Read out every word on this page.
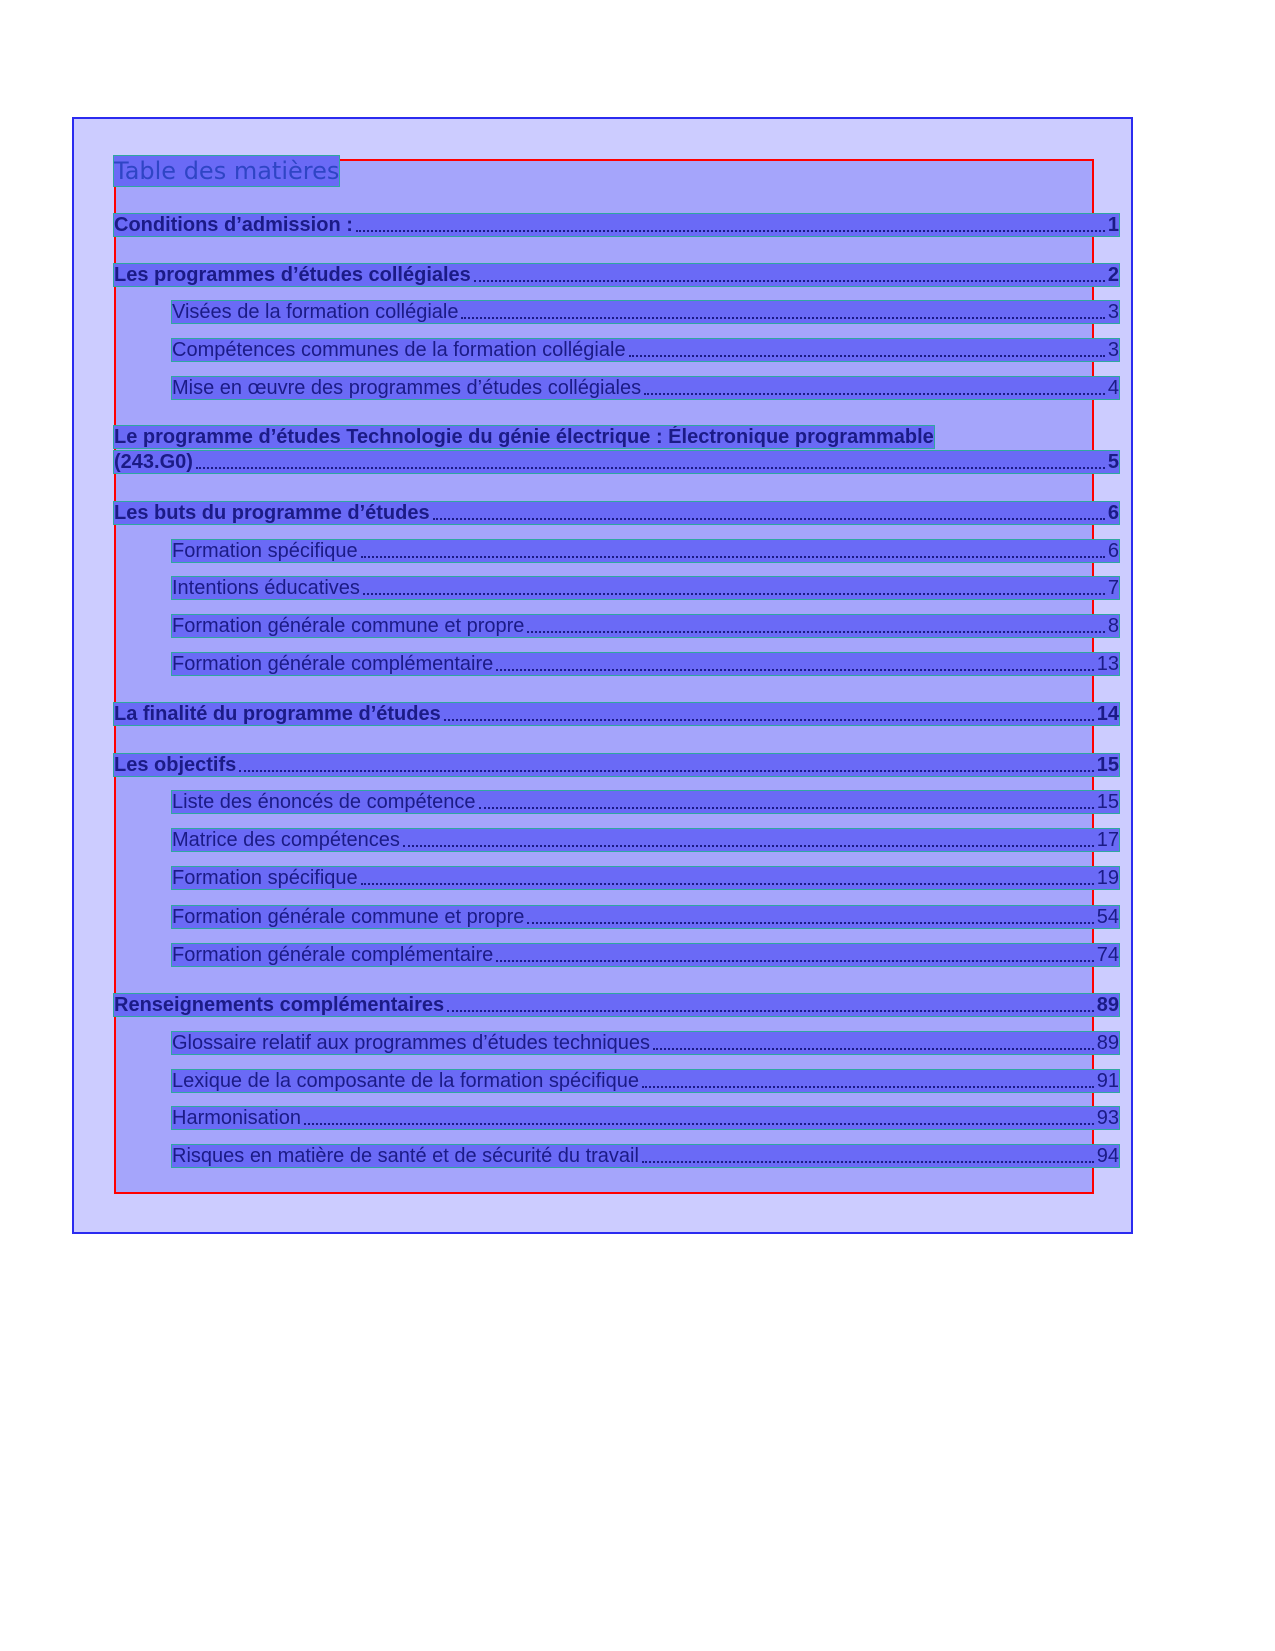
Table des matières
Conditions d’admission :	1
Les programmes d’études collégiales	2
Visées de la formation collégiale	3
Compétences communes de la formation collégiale	3
Mise en œuvre des programmes d’études collégiales	4
Le programme d’études Technologie du génie électrique : Électronique programmable
(243.G0)	5
Les buts du programme d’études	6
Formation spécifique	6
Intentions éducatives	7
Formation générale commune et propre	8
Formation générale complémentaire	13
La finalité du programme d’études	14
Les objectifs	15
Liste des énoncés de compétence	15
Matrice des compétences	17
Formation spécifique	19
Formation générale commune et propre	54
Formation générale complémentaire	74
Renseignements complémentaires	89
Glossaire relatif aux programmes d’études techniques	89
Lexique de la composante de la formation spécifique	91
Harmonisation	93
Risques en matière de santé et de sécurité du travail	94
